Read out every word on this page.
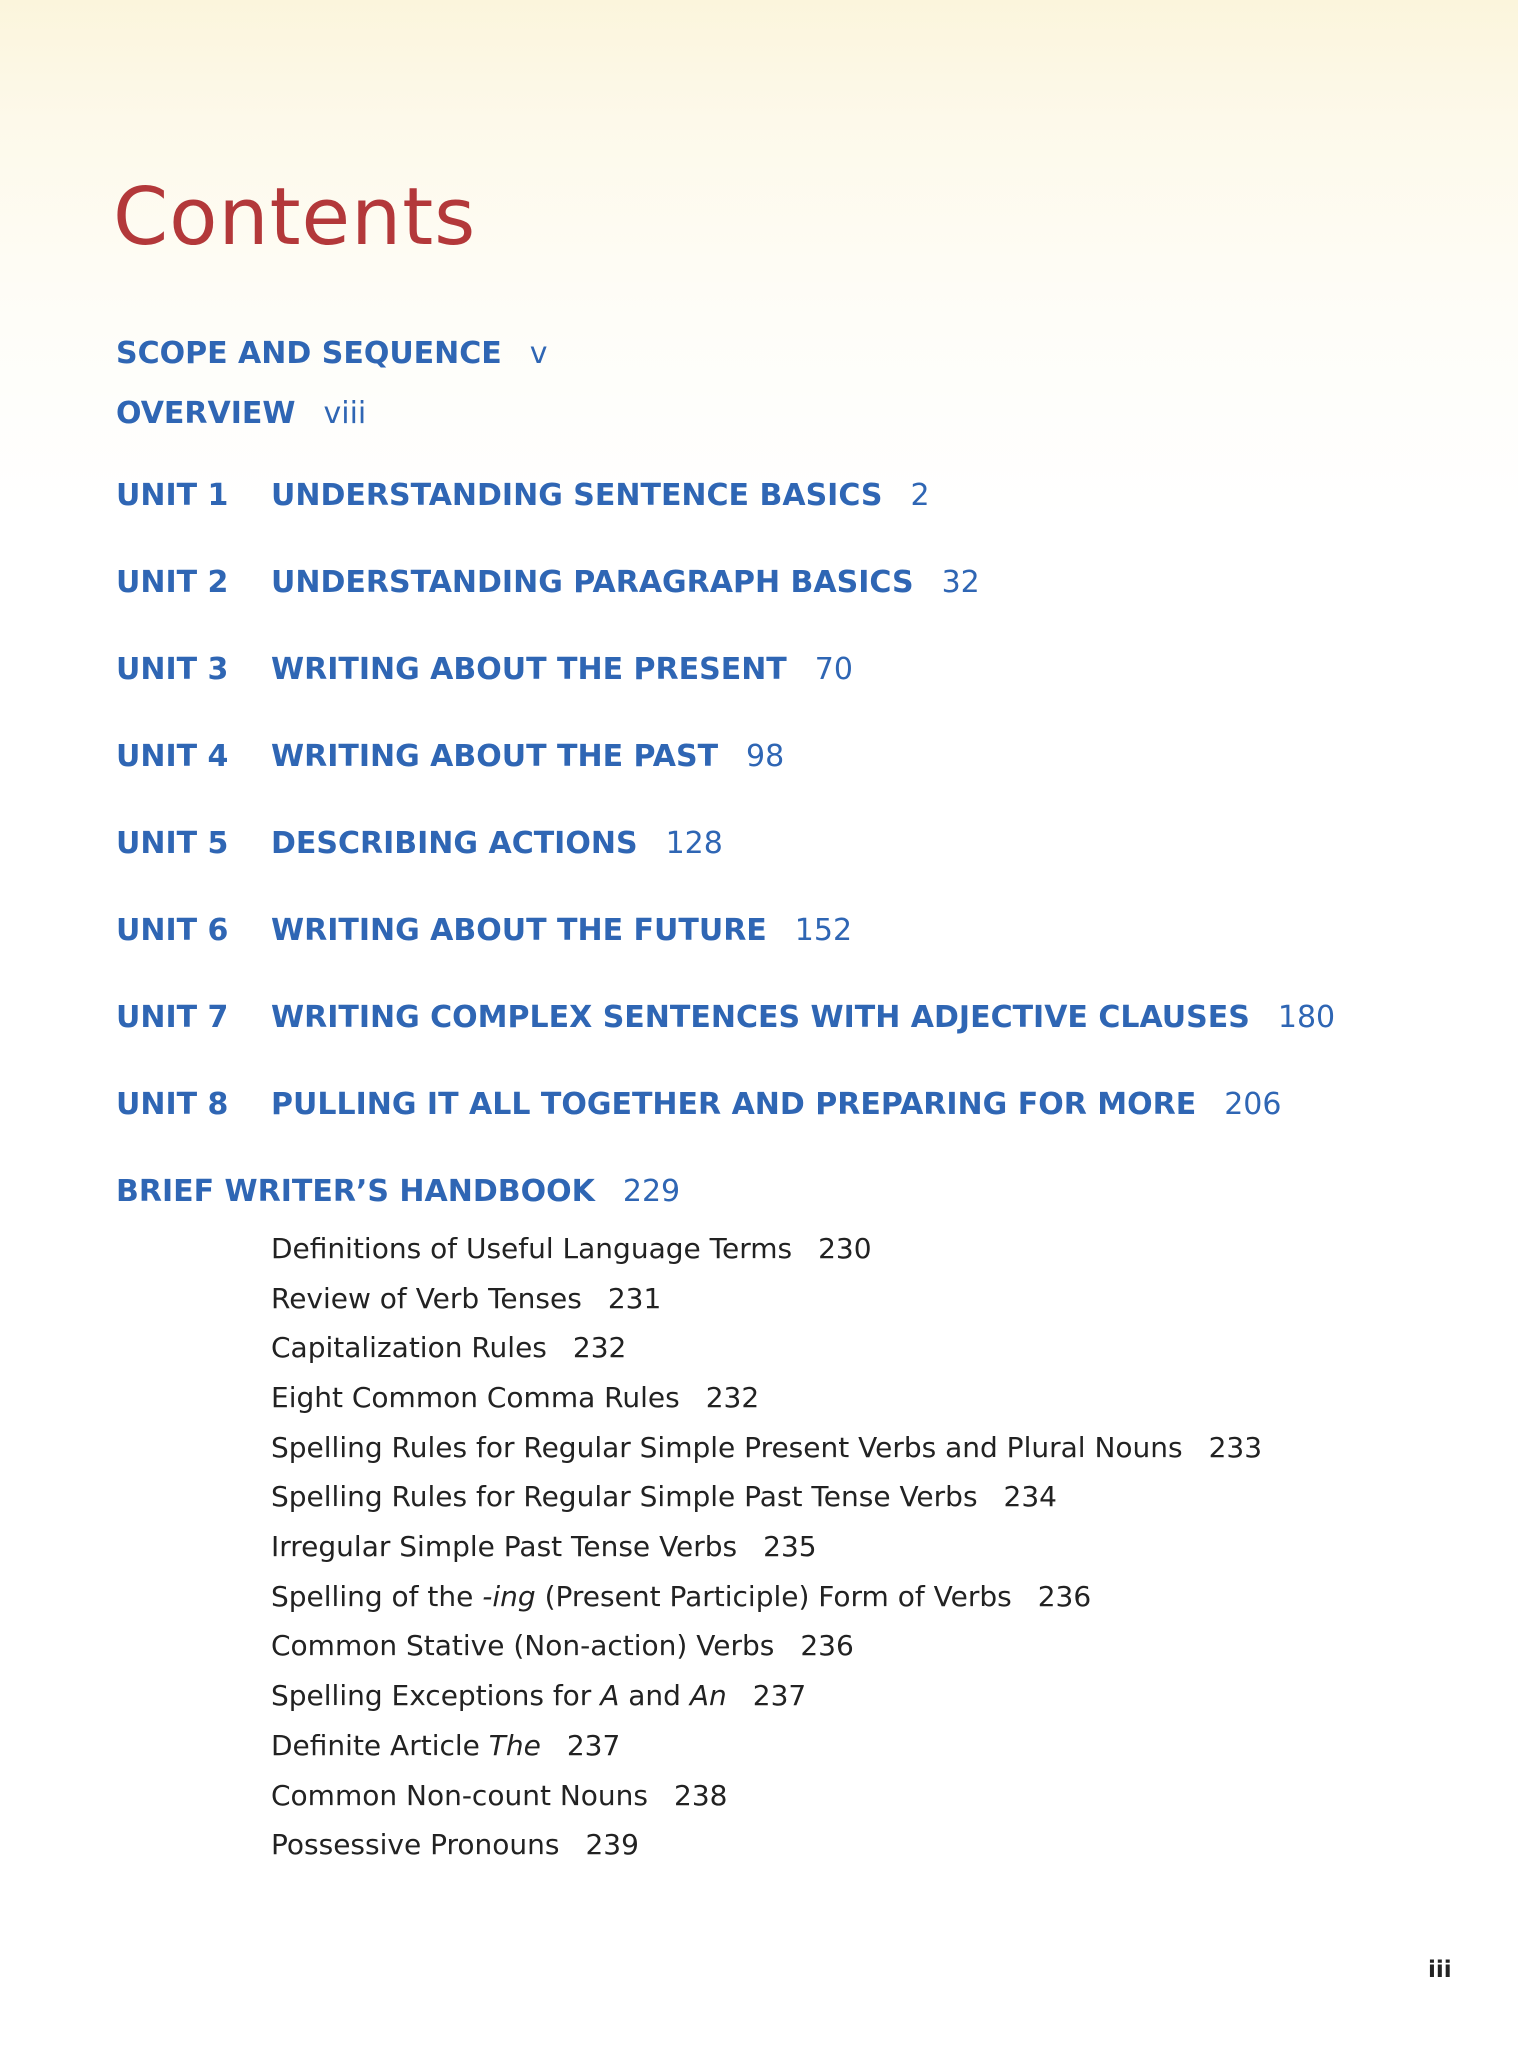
Contents
SCOPE AND SEQUENCE v
OVERVIEW viii
UNIT 1 UNDERSTANDING SENTENCE BASICS 2
UNIT 2 UNDERSTANDING PARAGRAPH BASICS 32
UNIT 3 WRITING ABOUT THE PRESENT 70
UNIT 4 WRITING ABOUT THE PAST 98
UNIT 5 DESCRIBING ACTIONS 128
UNIT 6 WRITING ABOUT THE FUTURE 152
UNIT 7 WRITING COMPLEX SENTENCES WITH ADJECTIVE CLAUSES 180
UNIT 8 PULLING IT ALL TOGETHER AND PREPARING FOR MORE 206
BRIEF WRITER’S HANDBOOK 229
Definitions of Useful Language Terms 230
Review of Verb Tenses 231
Capitalization Rules 232
Eight Common Comma Rules 232
Spelling Rules for Regular Simple Present Verbs and Plural Nouns 233
Spelling Rules for Regular Simple Past Tense Verbs 234
Irregular Simple Past Tense Verbs 235
Spelling of the -ing (Present Participle) Form of Verbs 236
Common Stative (Non-action) Verbs 236
Spelling Exceptions for A and An 237
Definite Article The 237
Common Non-count Nouns 238
Possessive Pronouns 239
iii
